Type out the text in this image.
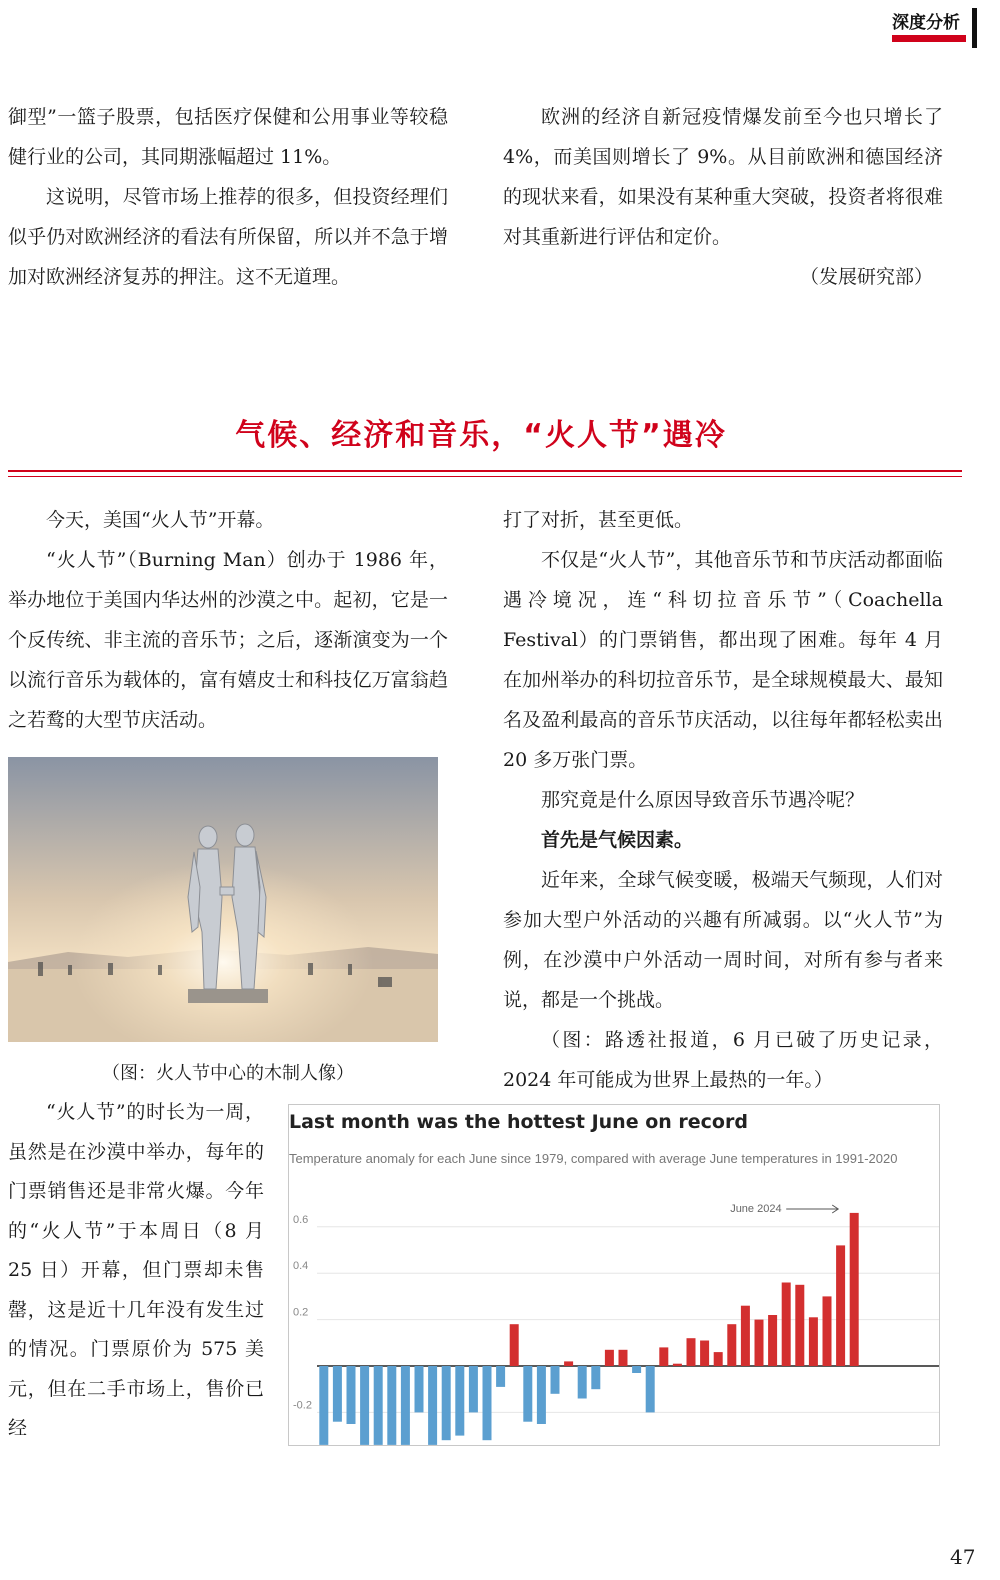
深度分析

御型”一篮子股票，包括医疗保健和公用事业等较稳健行业的公司，其同期涨幅超过 11%。

这说明，尽管市场上推荐的很多，但投资经理们似乎仍对欧洲经济的看法有所保留，所以并不急于增加对欧洲经济复苏的押注。这不无道理。

欧洲的经济自新冠疫情爆发前至今也只增长了 4%，而美国则增长了 9%。从目前欧洲和德国经济的现状来看，如果没有某种重大突破，投资者将很难对其重新进行评估和定价。

（发展研究部）

气候、经济和音乐，“火人节”遇冷

今天，美国“火人节”开幕。

“火人节”（Burning Man）创办于 1986 年，举办地位于美国内华达州的沙漠之中。起初，它是一个反传统、非主流的音乐节；之后，逐渐演变为一个以流行音乐为载体的，富有嬉皮士和科技亿万富翁趋之若鹜的大型节庆活动。

（图：火人节中心的木制人像）

“火人节”的时长为一周，虽然是在沙漠中举办，每年的门票销售还是非常火爆。今年的“火人节”于本周日（8 月 25 日）开幕，但门票却未售罄，这是近十几年没有发生过的情况。门票原价为 575 美元，但在二手市场上，售价已经

打了对折，甚至更低。

不仅是“火人节”，其他音乐节和节庆活动都面临遇冷境况，连“科切拉音乐节”（Coachella Festival）的门票销售，都出现了困难。每年 4 月在加州举办的科切拉音乐节，是全球规模最大、最知名及盈利最高的音乐节庆活动，以往每年都轻松卖出 20 多万张门票。

那究竟是什么原因导致音乐节遇冷呢？

首先是气候因素。

近年来，全球气候变暖，极端天气频现，人们对参加大型户外活动的兴趣有所减弱。以“火人节”为例，在沙漠中户外活动一周时间，对所有参与者来说，都是一个挑战。

（图：路透社报道，6 月已破了历史记录，2024 年可能成为世界上最热的一年。）

Last month was the hottest June on record
Temperature anomaly for each June since 1979, compared with average June temperatures in 1991-2020
0.6
0.4
0.2
-0.2
June 2024
47
